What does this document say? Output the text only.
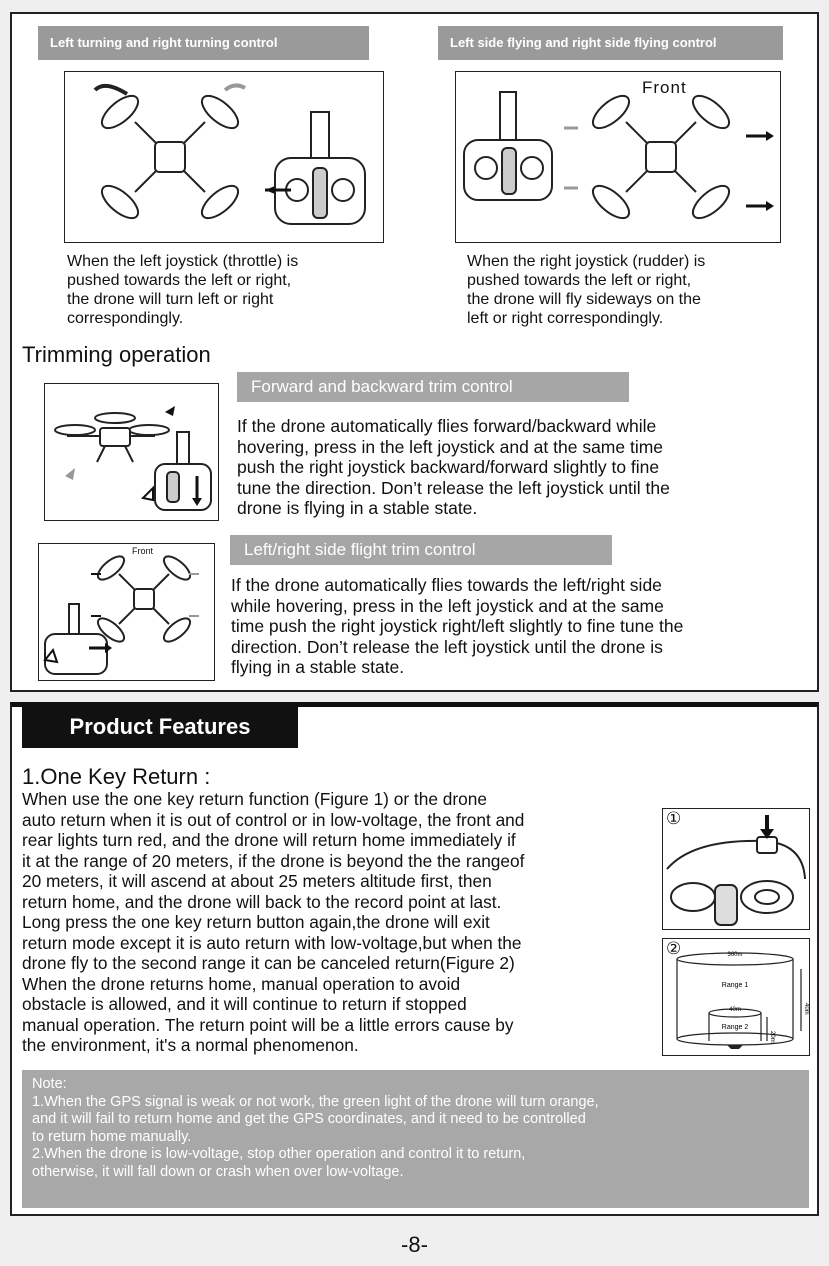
Left turning and right turning control	Left side flying and right side flying control
Front
When the left joystick (throttle) is
pushed towards the left or right,
the drone will turn left or right
correspondingly.
When the right joystick (rudder) is
pushed towards the left or right,
the drone will fly sideways on the
left or right correspondingly.
Trimming operation
Forward and backward trim control
If the drone automatically flies forward/backward while
hovering, press in the left joystick and at the same time
push the right joystick backward/forward slightly to fine
tune the direction. Don’t release the left joystick until the
drone is flying in a stable state.
Front	Left/right side flight trim control
If the drone automatically flies towards the left/right side
while hovering, press in the left joystick and at the same
time push the right joystick right/left slightly to fine tune the
direction. Don’t release the left joystick until the drone is
flying in a stable state.
Product Features
1.One Key Return :
When use the one key return function (Figure 1) or the drone
auto return when it is out of control or in low-voltage, the front and
rear lights turn red, and the drone will return home immediately if
it at the range of 20 meters, if the drone is beyond the the rangeof
20 meters, it will ascend at about 25 meters altitude first, then
return home, and the drone will back to the record point at last.
Long press the one key return button again,the drone will exit
return mode except it is auto return with low-voltage,but when the
drone fly to the second range it can be canceled return(Figure 2)
When the drone returns home, manual operation to avoid
obstacle is allowed, and it will continue to return if stopped
manual operation. The return point will be a little errors cause by
the environment, it's a normal phenomenon.
①
②	360m
Range 1
40m
Range 2
40m
20m
Note:
1.When the GPS signal is weak or not work, the green light of the drone will turn orange,
and it will fail to return home and get the GPS coordinates, and it need to be controlled
to return home manually.
2.When the drone is low-voltage, stop other operation and control it to return,
otherwise, it will fall down or crash when over low-voltage.
-8-
